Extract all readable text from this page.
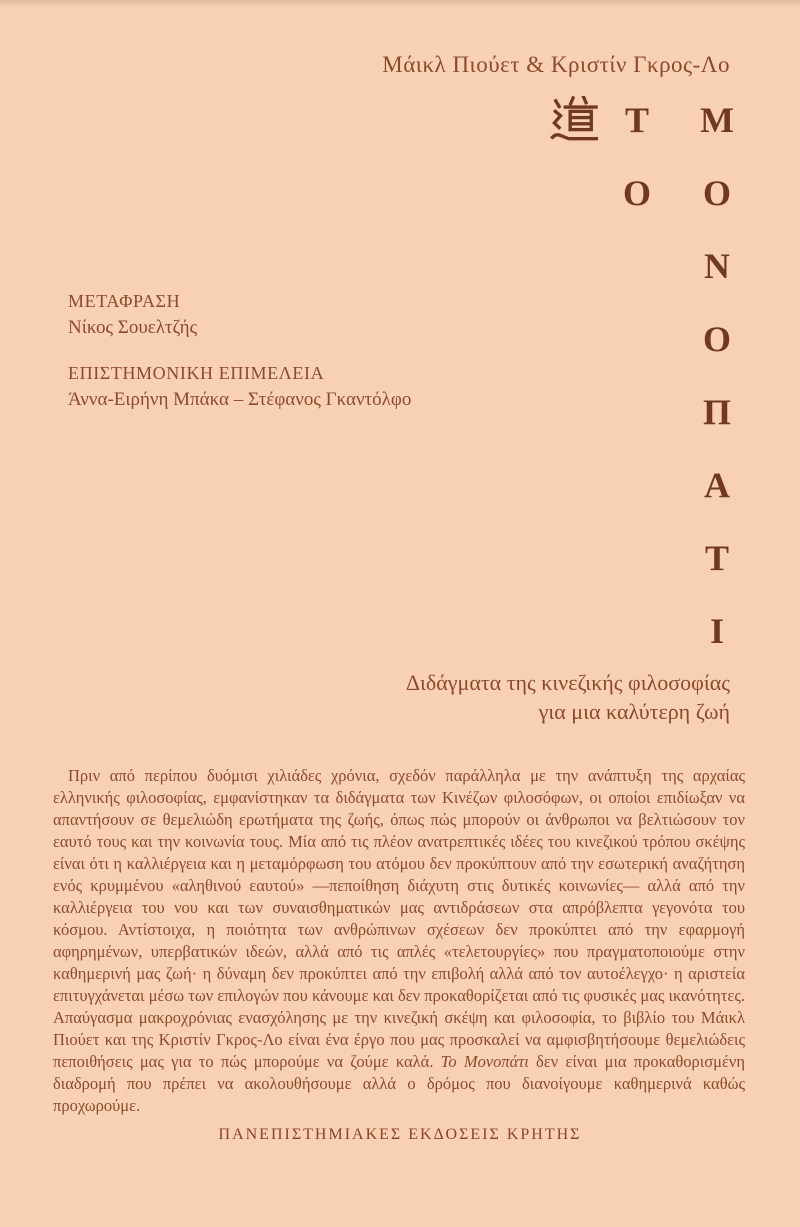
Μάικλ Πιούετ & Κριστίν Γκρος-Λο
Τ
Ο
Μ
Ο
Ν
Ο
Π
Α
Τ
Ι
ΜΕΤΑΦΡΑΣΗ
Νίκος Σουελτζής
ΕΠΙΣΤΗΜΟΝΙΚΗ ΕΠΙΜΕΛΕΙΑ
Άννα-Ειρήνη Μπάκα – Στέφανος Γκαντόλφο
Διδάγματα της κινεζικής φιλοσοφίας
για μια καλύτερη ζωή

Πριν από περίπου δυόμισι χιλιάδες χρόνια, σχεδόν παράλληλα με την ανάπτυξη της αρχαίας ελληνικής φιλοσοφίας, εμφανίστηκαν τα διδάγματα των Κινέζων φιλοσόφων, οι οποίοι επιδίωξαν να απαντήσουν σε θεμελιώδη ερωτήματα της ζωής, όπως πώς μπορούν οι άνθρωποι να βελτιώσουν τον εαυτό τους και την κοινωνία τους. Μία από τις πλέον ανατρεπτικές ιδέες του κινεζικού τρόπου σκέψης είναι ότι η καλλιέργεια και η μεταμόρφωση του ατόμου δεν προκύπτουν από την εσωτερική αναζήτηση ενός κρυμμένου «αληθινού εαυτού» —πεποίθηση διάχυτη στις δυτικές κοινωνίες— αλλά από την καλλιέργεια του νου και των συναισθηματικών μας αντιδράσεων στα απρόβλεπτα γεγονότα του κόσμου. Αντίστοιχα, η ποιότητα των ανθρώπινων σχέσεων δεν προκύπτει από την εφαρμογή αφηρημένων, υπερβατικών ιδεών, αλλά από τις απλές «τελετουργίες» που πραγματοποιούμε στην καθημερινή μας ζωή· η δύναμη δεν προκύπτει από την επιβολή αλλά από τον αυτοέλεγχο· η αριστεία επιτυγχάνεται μέσω των επιλογών που κάνουμε και δεν προκαθορίζεται από τις φυσικές μας ικανότητες. Απαύγασμα μακροχρόνιας ενασχόλησης με την κινεζική σκέψη και φιλοσοφία, το βιβλίο του Μάικλ Πιούετ και της Κριστίν Γκρος-Λο είναι ένα έργο που μας προσκαλεί να αμφισβητήσουμε θεμελιώδεις πεποιθήσεις μας για το πώς μπορούμε να ζούμε καλά. Το Μονοπάτι δεν είναι μια προκαθορισμένη διαδρομή που πρέπει να ακολουθήσουμε αλλά ο δρόμος που διανοίγουμε καθημερινά καθώς προχωρούμε.

ΠΑΝΕΠΙΣΤΗΜΙΑΚΕΣ ΕΚΔΟΣΕΙΣ ΚΡΗΤΗΣ
